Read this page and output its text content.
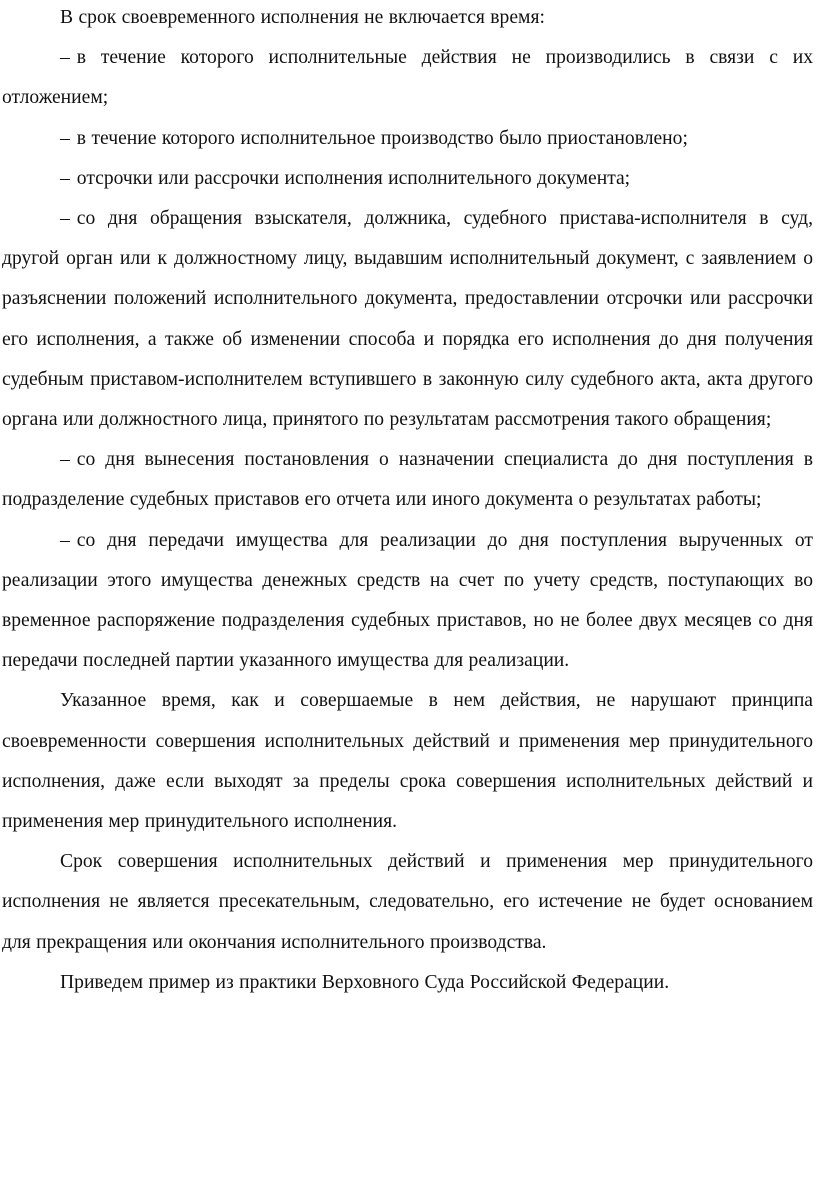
В срок своевременного исполнения не включается время:

– в течение которого исполнительные действия не производились в связи с их отложением;

– в течение которого исполнительное производство было приостановлено;

– отсрочки или рассрочки исполнения исполнительного документа;

– со дня обращения взыскателя, должника, судебного пристава-исполнителя в суд, другой орган или к должностному лицу, выдавшим исполнительный документ, с заявлением о разъяснении положений исполнительного документа, предоставлении отсрочки или рассрочки его исполнения, а также об изменении способа и порядка его исполнения до дня получения судебным приставом-исполнителем вступившего в законную силу судебного акта, акта другого органа или должностного лица, принятого по результатам рассмотрения такого обращения;

– со дня вынесения постановления о назначении специалиста до дня поступления в подразделение судебных приставов его отчета или иного документа о результатах работы;

– со дня передачи имущества для реализации до дня поступления вырученных от реализации этого имущества денежных средств на счет по учету средств, поступающих во временное распоряжение подразделения судебных приставов, но не более двух месяцев со дня передачи последней партии указанного имущества для реализации.

Указанное время, как и совершаемые в нем действия, не нарушают принципа своевременности совершения исполнительных действий и применения мер принудительного исполнения, даже если выходят за пределы срока совершения исполнительных действий и применения мер принудительного исполнения.

Срок совершения исполнительных действий и применения мер принудительного исполнения не является пресекательным, следовательно, его истечение не будет основанием для прекращения или окончания исполнительного производства.

Приведем пример из практики Верховного Суда Российской Федерации.
